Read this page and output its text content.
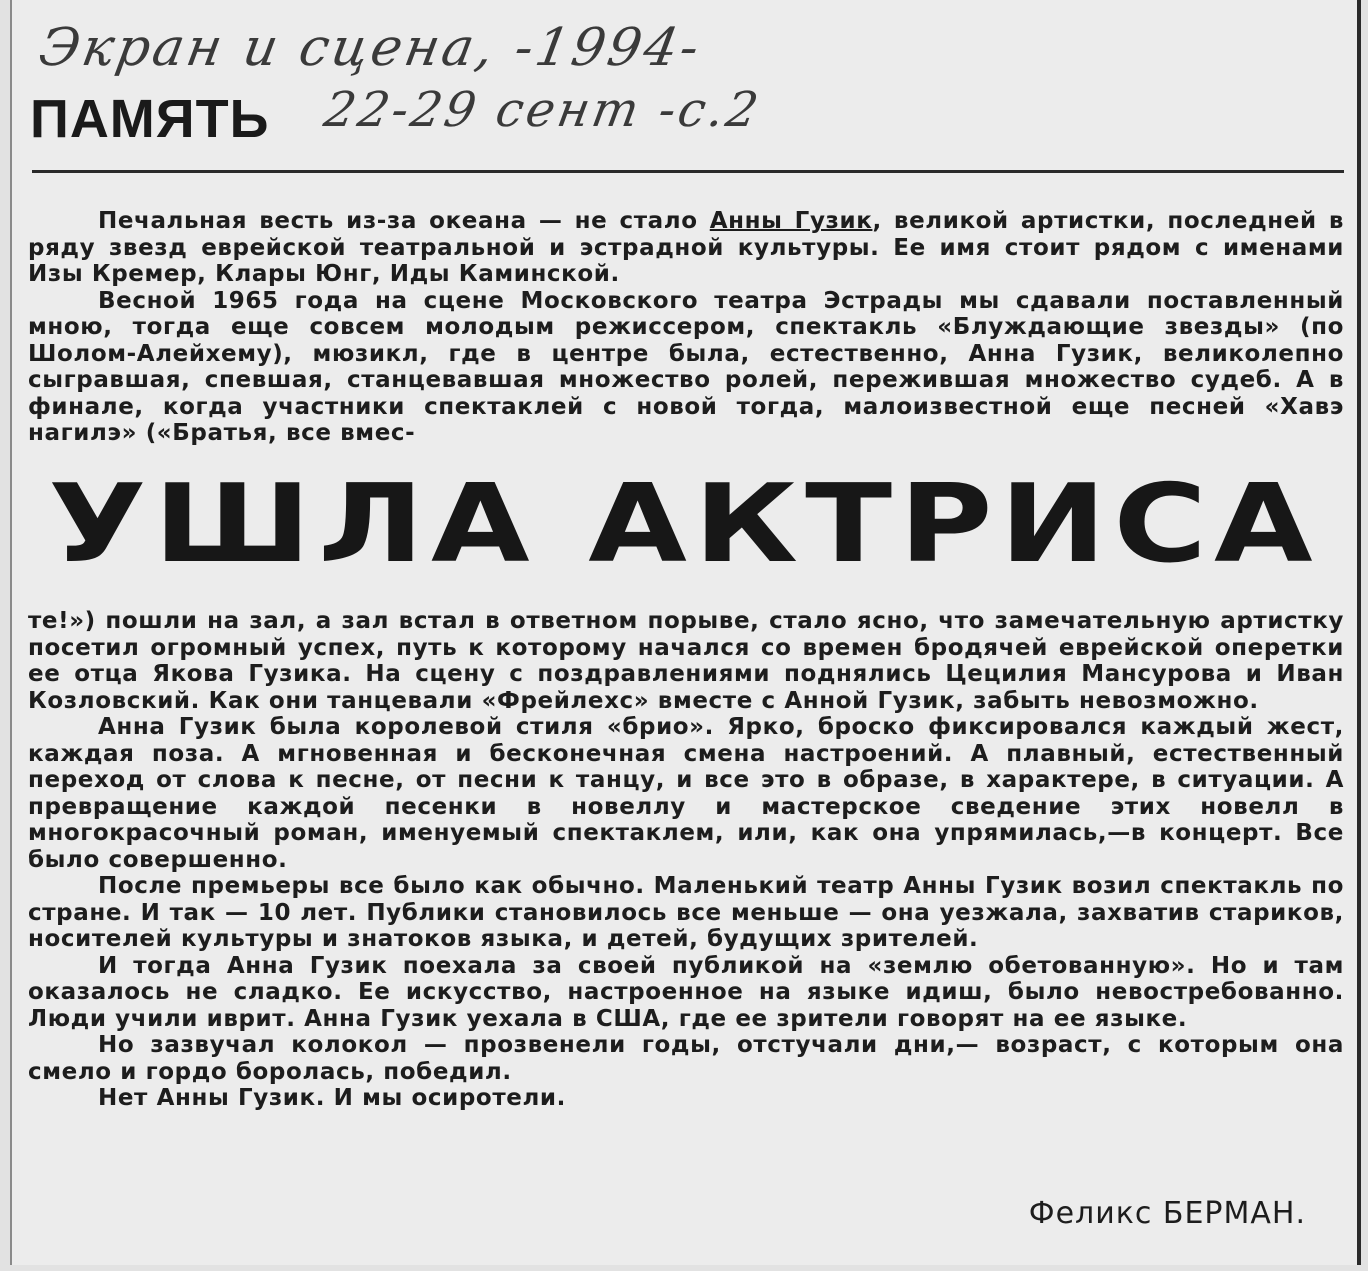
Экран и сцена, -1994-
22-29 сент -с.2
ПАМЯТЬ

Печальная весть из-за океана — не стало Анны Гузик, великой артистки, последней в ряду звезд еврейской театральной и эстрадной культуры. Ее имя стоит рядом с именами Изы Кремер, Клары Юнг, Иды Каминской.

Весной 1965 года на сцене Московского театра Эстрады мы сдавали поставленный мною, тогда еще совсем молодым режиссером, спектакль «Блуждающие звезды» (по Шолом-Алейхему), мюзикл, где в центре была, естественно, Анна Гузик, великолепно сыгравшая, спевшая, станцевавшая множество ролей, пережившая множество судеб. А в финале, когда участники спектаклей с новой тогда, малоизвестной еще песней «Хавэ нагилэ» («Братья, все вмес-

УШЛА АКТРИСА

те!») пошли на зал, а зал встал в ответном порыве, стало ясно, что замечательную артистку посетил огромный успех, путь к которому начался со времен бродячей еврейской оперетки ее отца Якова Гузика. На сцену с поздравлениями поднялись Цецилия Мансурова и Иван Козловский. Как они танцевали «Фрейлехс» вместе с Анной Гузик, забыть невозможно.

Анна Гузик была королевой стиля «брио». Ярко, броско фиксировался каждый жест, каждая поза. А мгновенная и бесконечная смена настроений. А плавный, естественный переход от слова к песне, от песни к танцу, и все это в образе, в характере, в ситуации. А превращение каждой песенки в новеллу и мастерское сведение этих новелл в многокрасочный роман, именуемый спектаклем, или, как она упрямилась,—в концерт. Все было совершенно.

После премьеры все было как обычно. Маленький театр Анны Гузик возил спектакль по стране. И так — 10 лет. Публики становилось все меньше — она уезжала, захватив стариков, носителей культуры и знатоков языка, и детей, будущих зрителей.

И тогда Анна Гузик поехала за своей публикой на «землю обетованную». Но и там оказалось не сладко. Ее искусство, настроенное на языке идиш, было невостребованно. Люди учили иврит. Анна Гузик уехала в США, где ее зрители говорят на ее языке.

Но зазвучал колокол — прозвенели годы, отстучали дни,— возраст, с которым она смело и гордо боролась, победил.

Нет Анны Гузик. И мы осиротели.

Феликс БЕРМАН.
